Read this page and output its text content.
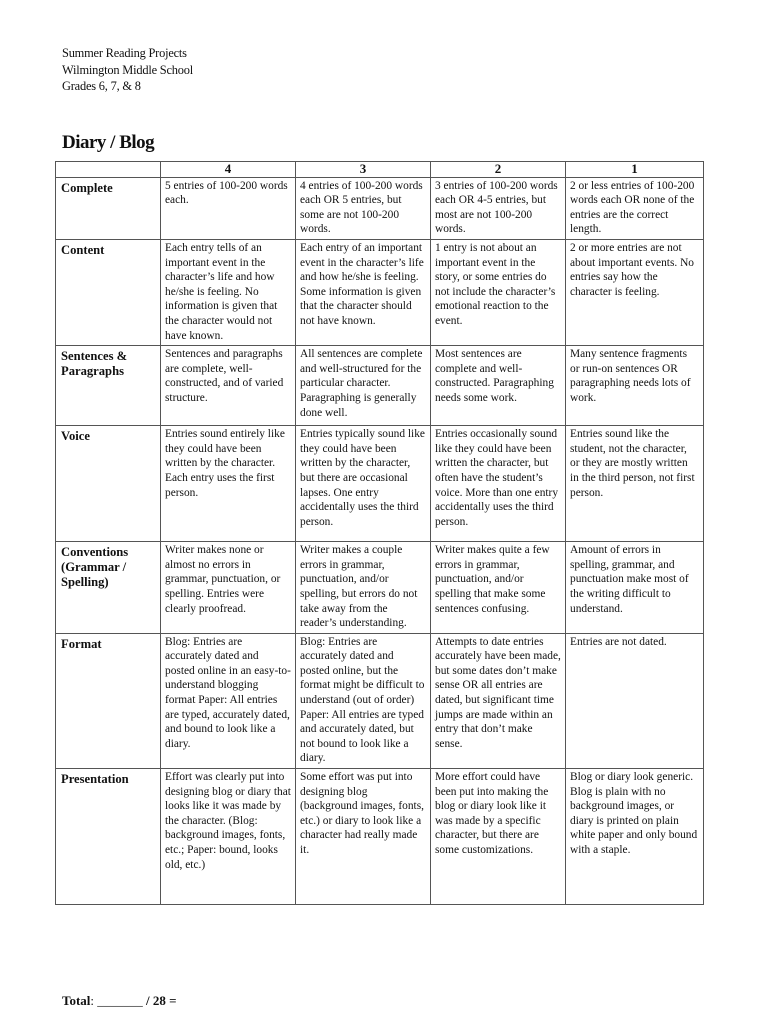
Summer Reading Projects
Wilmington Middle School
Grades 6, 7, & 8
Diary / Blog
	4	3	2	1
Complete	5 entries of 100-200 words each.	4 entries of 100-200 words each OR 5 entries, but some are not 100-200 words.	3 entries of 100-200 words each OR 4-5 entries, but most are not 100-200 words.	2 or less entries of 100-200 words each OR none of the entries are the correct length.
Content	Each entry tells of an important event in the character’s life and how he/she is feeling. No information is given that the character would not have known.	Each entry of an important event in the character’s life and how he/she is feeling. Some information is given that the character should not have known.	1 entry is not about an important event in the story, or some entries do not include the character’s emotional reaction to the event.	2 or more entries are not about important events. No entries say how the character is feeling.
Sentences & Paragraphs	Sentences and paragraphs are complete, well-constructed, and of varied structure.	All sentences are complete and well-structured for the particular character. Paragraphing is generally done well.	Most sentences are complete and well-constructed. Paragraphing needs some work.	Many sentence fragments or run-on sentences OR paragraphing needs lots of work.
Voice	Entries sound entirely like they could have been written by the character. Each entry uses the first person.	Entries typically sound like they could have been written by the character, but there are occasional lapses. One entry accidentally uses the third person.	Entries occasionally sound like they could have been written the character, but often have the student’s voice. More than one entry accidentally uses the third person.	Entries sound like the student, not the character, or they are mostly written in the third person, not first person.
Conventions (Grammar / Spelling)	Writer makes none or almost no errors in grammar, punctuation, or spelling. Entries were clearly proofread.	Writer makes a couple errors in grammar, punctuation, and/or spelling, but errors do not take away from the reader’s understanding.	Writer makes quite a few errors in grammar, punctuation, and/or spelling that make some sentences confusing.	Amount of errors in spelling, grammar, and punctuation make most of the writing difficult to understand.
Format	Blog: Entries are accurately dated and posted online in an easy-to-understand blogging format Paper: All entries are typed, accurately dated, and bound to look like a diary.	Blog: Entries are accurately dated and posted online, but the format might be difficult to understand (out of order) Paper: All entries are typed and accurately dated, but not bound to look like a diary.	Attempts to date entries accurately have been made, but some dates don’t make sense OR all entries are dated, but significant time jumps are made within an entry that don’t make sense.	Entries are not dated.
Presentation	Effort was clearly put into designing blog or diary that looks like it was made by the character. (Blog: background images, fonts, etc.; Paper: bound, looks old, etc.)	Some effort was put into designing blog (background images, fonts, etc.) or diary to look like a character had really made it.	More effort could have been put into making the blog or diary look like it was made by a specific character, but there are some customizations.	Blog or diary look generic. Blog is plain with no background images, or diary is printed on plain white paper and only bound with a staple.
Total: _______ / 28 =
